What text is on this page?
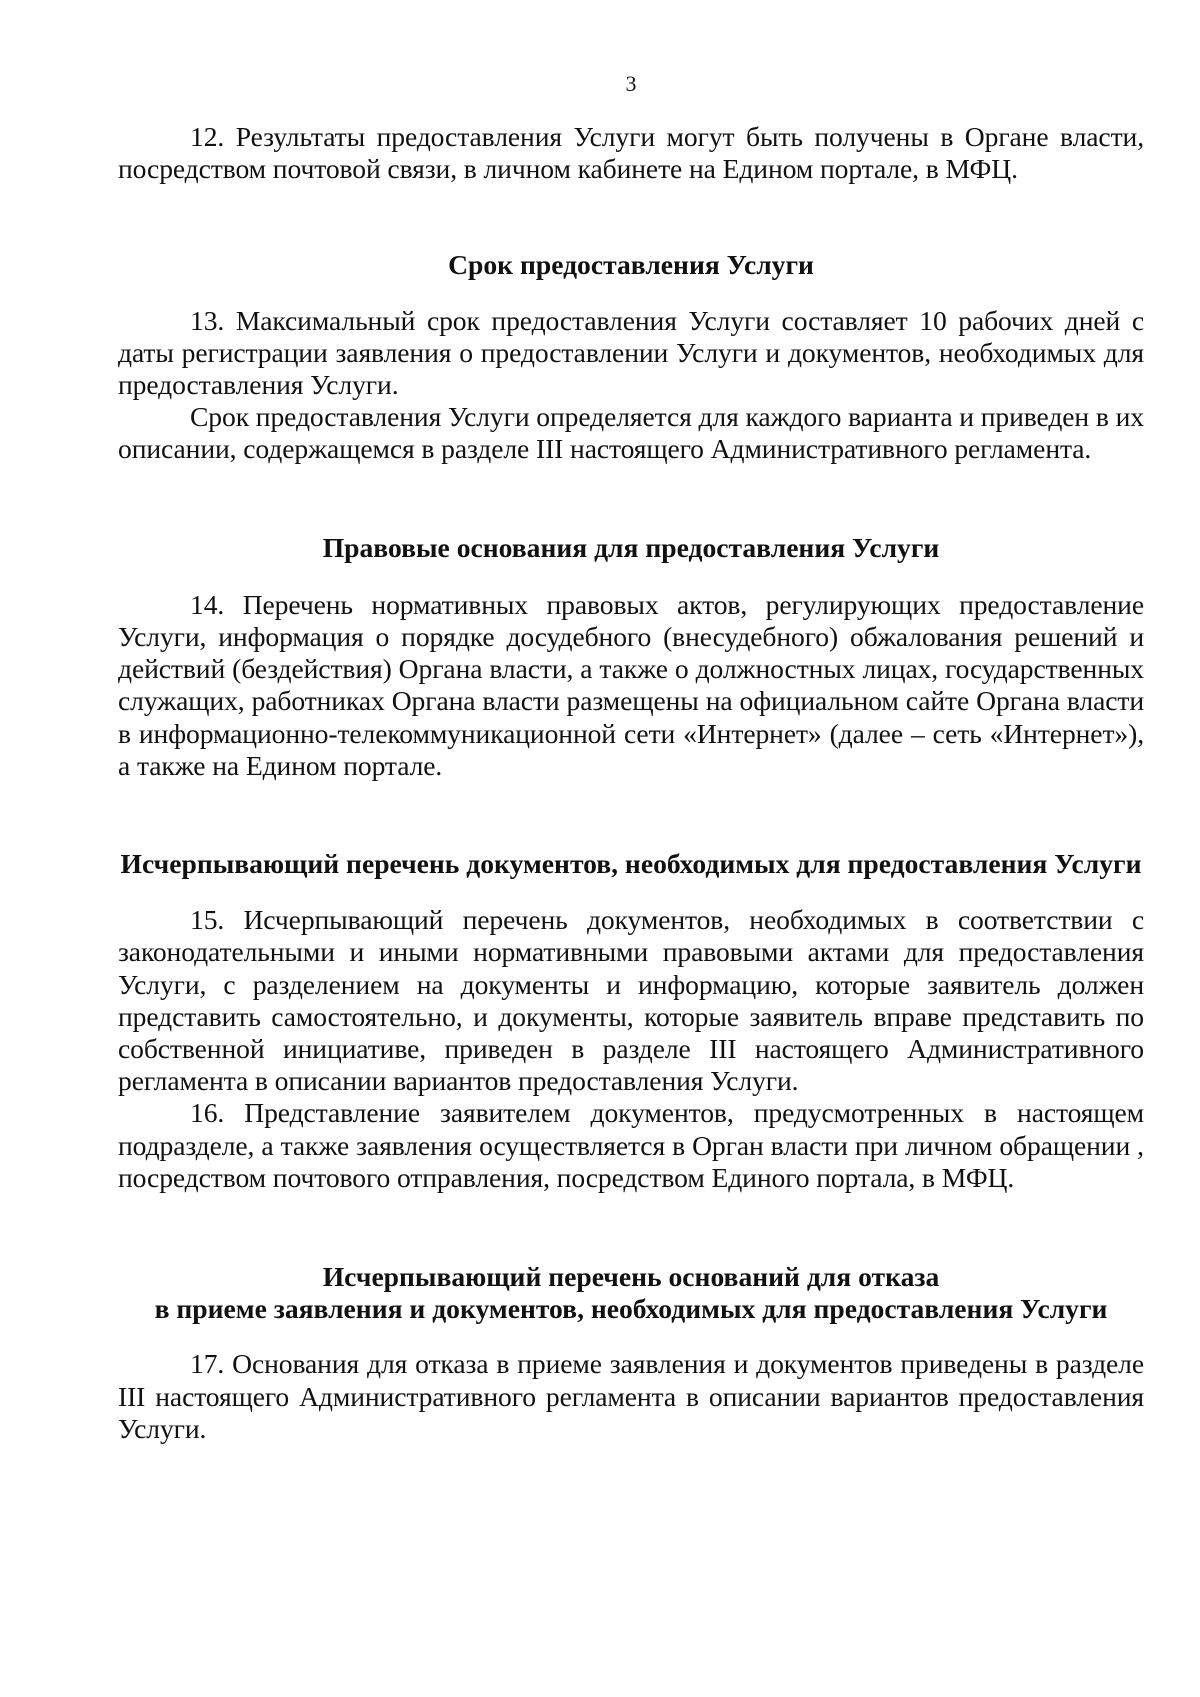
3

12. Результаты предоставления Услуги могут быть получены в Органе власти, посредством почтовой связи, в личном кабинете на Едином портале, в МФЦ.

Срок предоставления Услуги

13. Максимальный срок предоставления Услуги составляет 10 рабочих дней с даты регистрации заявления о предоставлении Услуги и документов, необходимых для предоставления Услуги.

Срок предоставления Услуги определяется для каждого варианта и приведен в их описании, содержащемся в разделе III настоящего Административного регламента.

Правовые основания для предоставления Услуги

14. Перечень нормативных правовых актов, регулирующих предоставление Услуги, информация о порядке досудебного (внесудебного) обжалования решений и действий (бездействия) Органа власти, а также о должностных лицах, государственных служащих, работниках Органа власти размещены на официальном сайте Органа власти в информационно-телекоммуникационной сети «Интернет» (далее – сеть «Интернет»), а также на Едином портале.

Исчерпывающий перечень документов, необходимых для предоставления Услуги

15. Исчерпывающий перечень документов, необходимых в соответствии с законодательными и иными нормативными правовыми актами для предоставления Услуги, с разделением на документы и информацию, которые заявитель должен представить самостоятельно, и документы, которые заявитель вправе представить по собственной инициативе, приведен в разделе III настоящего Административного регламента в описании вариантов предоставления Услуги.

16. Представление заявителем документов, предусмотренных в настоящем подразделе, а также заявления осуществляется в Орган власти при личном обращении , посредством почтового отправления, посредством Единого портала, в МФЦ.

Исчерпывающий перечень оснований для отказа
в приеме заявления и документов, необходимых для предоставления Услуги

17. Основания для отказа в приеме заявления и документов приведены в разделе III настоящего Административного регламента в описании вариантов предоставления Услуги.
